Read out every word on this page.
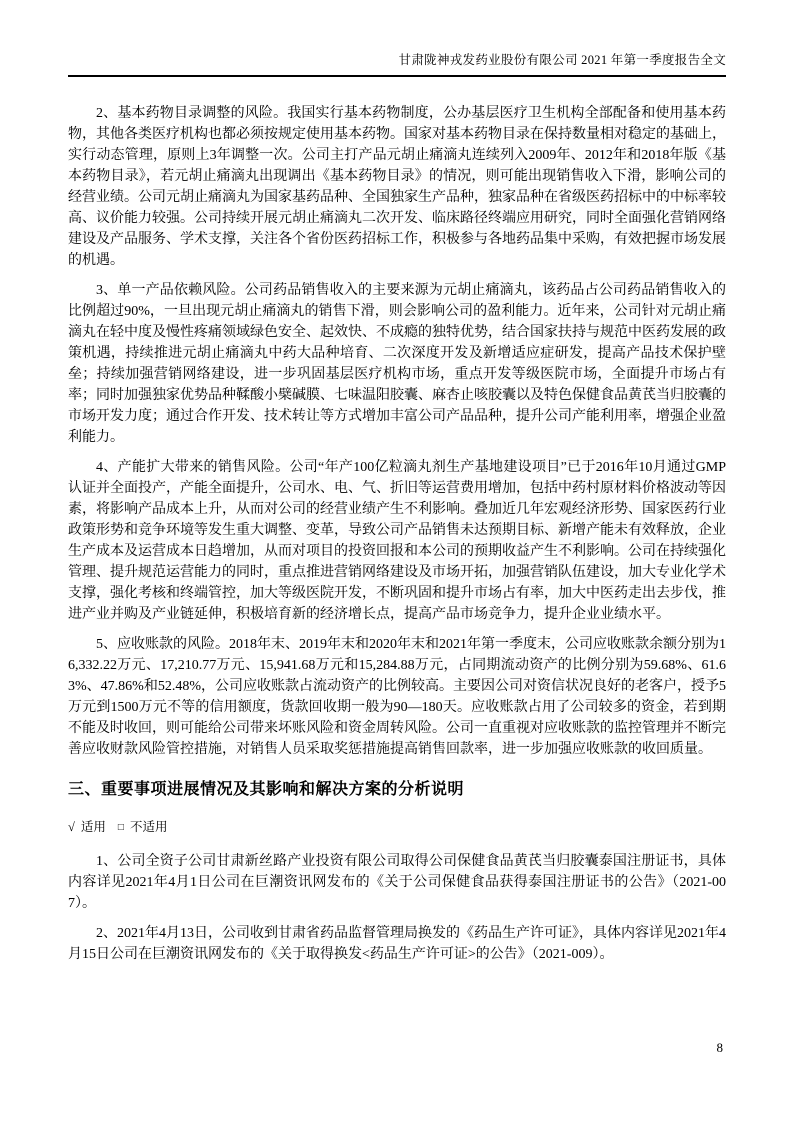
甘肃陇神戎发药业股份有限公司 2021 年第一季度报告全文

2、基本药物目录调整的风险。我国实行基本药物制度，公办基层医疗卫生机构全部配备和使用基本药物，其他各类医疗机构也都必须按规定使用基本药物。国家对基本药物目录在保持数量相对稳定的基础上，实行动态管理，原则上3年调整一次。公司主打产品元胡止痛滴丸连续列入2009年、2012年和2018年版《基本药物目录》，若元胡止痛滴丸出现调出《基本药物目录》的情况，则可能出现销售收入下滑，影响公司的经营业绩。公司元胡止痛滴丸为国家基药品种、全国独家生产品种，独家品种在省级医药招标中的中标率较高、议价能力较强。公司持续开展元胡止痛滴丸二次开发、临床路径终端应用研究，同时全面强化营销网络建设及产品服务、学术支撑，关注各个省份医药招标工作，积极参与各地药品集中采购，有效把握市场发展的机遇。

3、单一产品依赖风险。公司药品销售收入的主要来源为元胡止痛滴丸，该药品占公司药品销售收入的比例超过90%，一旦出现元胡止痛滴丸的销售下滑，则会影响公司的盈利能力。近年来，公司针对元胡止痛滴丸在轻中度及慢性疼痛领域绿色安全、起效快、不成瘾的独特优势，结合国家扶持与规范中医药发展的政策机遇，持续推进元胡止痛滴丸中药大品种培育、二次深度开发及新增适应症研发，提高产品技术保护壁垒；持续加强营销网络建设，进一步巩固基层医疗机构市场，重点开发等级医院市场，全面提升市场占有率；同时加强独家优势品种鞣酸小檗碱膜、七味温阳胶囊、麻杏止咳胶囊以及特色保健食品黄芪当归胶囊的市场开发力度；通过合作开发、技术转让等方式增加丰富公司产品品种，提升公司产能利用率，增强企业盈利能力。

4、产能扩大带来的销售风险。公司“年产100亿粒滴丸剂生产基地建设项目”已于2016年10月通过GMP认证并全面投产，产能全面提升，公司水、电、气、折旧等运营费用增加，包括中药村原材料价格波动等因素，将影响产品成本上升，从而对公司的经营业绩产生不利影响。叠加近几年宏观经济形势、国家医药行业政策形势和竞争环境等发生重大调整、变革，导致公司产品销售未达预期目标、新增产能未有效释放，企业生产成本及运营成本日趋增加，从而对项目的投资回报和本公司的预期收益产生不利影响。公司在持续强化管理、提升规范运营能力的同时，重点推进营销网络建设及市场开拓，加强营销队伍建设，加大专业化学术支撑，强化考核和终端管控，加大等级医院开发，不断巩固和提升市场占有率，加大中医药走出去步伐，推进产业并购及产业链延伸，积极培育新的经济增长点，提高产品市场竞争力，提升企业业绩水平。

5、应收账款的风险。2018年末、2019年末和2020年末和2021年第一季度末，公司应收账款余额分别为16,332.22万元、17,210.77万元、15,941.68万元和15,284.88万元，占同期流动资产的比例分别为59.68%、61.63%、47.86%和52.48%，公司应收账款占流动资产的比例较高。主要因公司对资信状况良好的老客户，授予5万元到1500万元不等的信用额度，货款回收期一般为90—180天。应收账款占用了公司较多的资金，若到期不能及时收回，则可能给公司带来坏账风险和资金周转风险。公司一直重视对应收账款的监控管理并不断完善应收财款风险管控措施，对销售人员采取奖惩措施提高销售回款率，进一步加强应收账款的收回质量。

三、重要事项进展情况及其影响和解决方案的分析说明
√ 适用 □ 不适用

1、公司全资子公司甘肃新丝路产业投资有限公司取得公司保健食品黄芪当归胶囊泰国注册证书，具体内容详见2021年4月1日公司在巨潮资讯网发布的《关于公司保健食品获得泰国注册证书的公告》（2021-007）。

2、2021年4月13日，公司收到甘肃省药品监督管理局换发的《药品生产许可证》，具体内容详见2021年4月15日公司在巨潮资讯网发布的《关于取得换发<药品生产许可证>的公告》（2021-009）。

8
